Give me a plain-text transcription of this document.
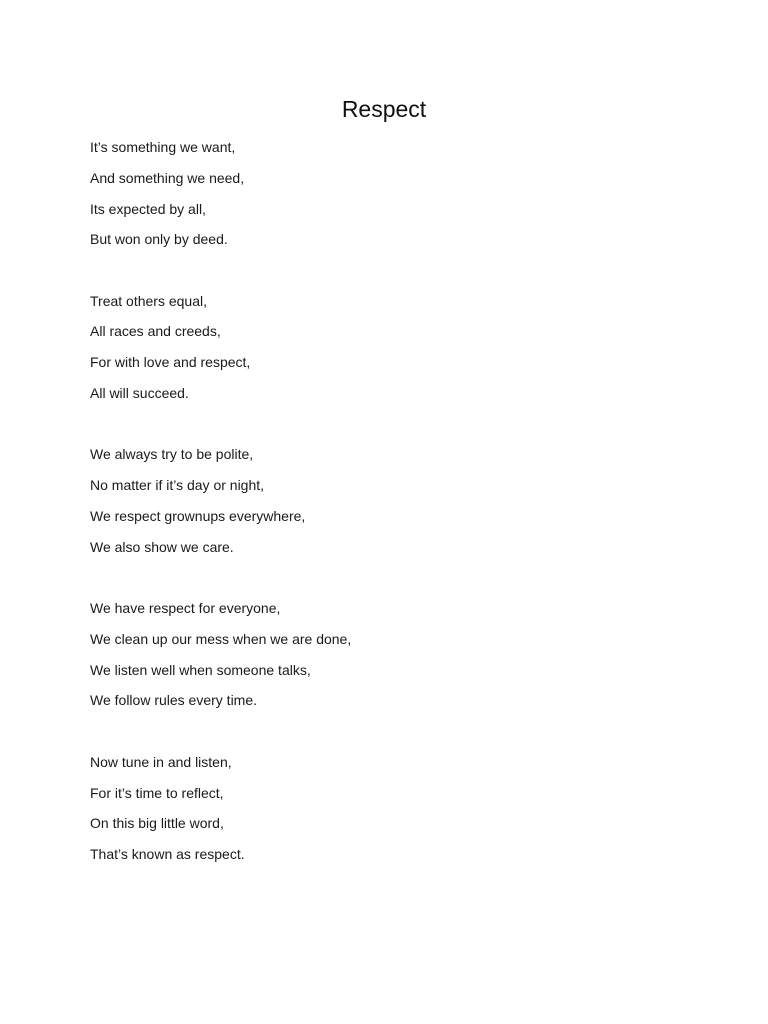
Respect
It’s something we want,
And something we need,
Its expected by all,
But won only by deed.
Treat others equal,
All races and creeds,
For with love and respect,
All will succeed.
We always try to be polite,
No matter if it’s day or night,
We respect grownups everywhere,
We also show we care.
We have respect for everyone,
We clean up our mess when we are done,
We listen well when someone talks,
We follow rules every time.
Now tune in and listen,
For it’s time to reflect,
On this big little word,
That’s known as respect.
